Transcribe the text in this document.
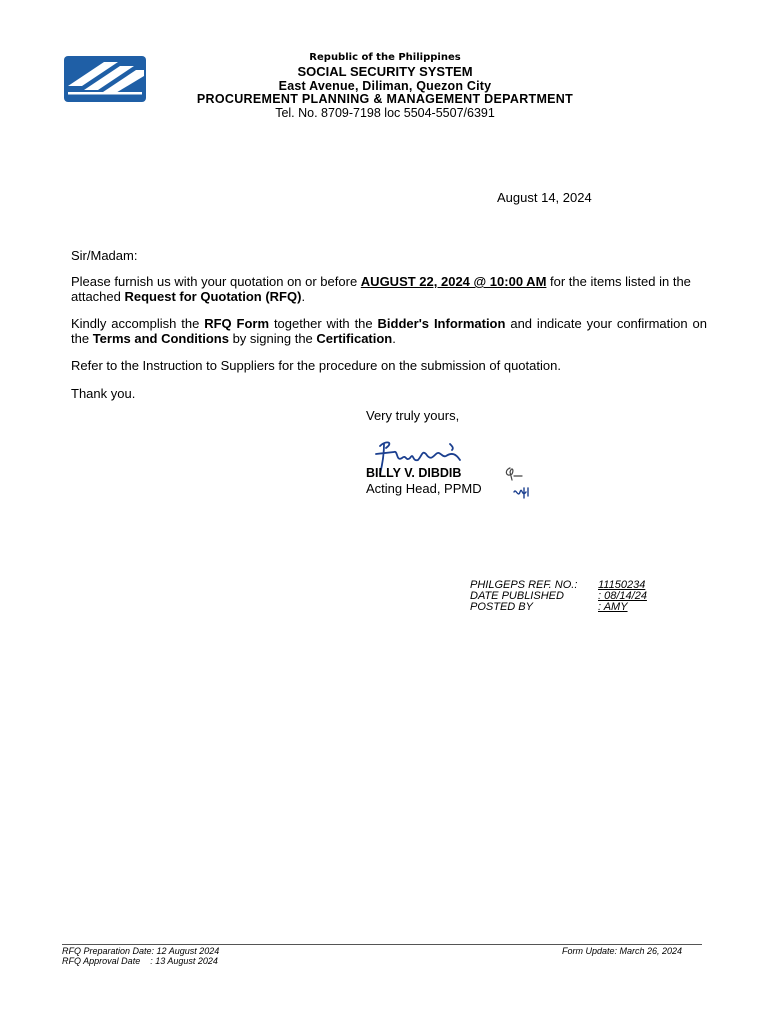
Republic of the Philippines
SOCIAL SECURITY SYSTEM
East Avenue, Diliman, Quezon City
PROCUREMENT PLANNING & MANAGEMENT DEPARTMENT
Tel. No. 8709-7198 loc 5504-5507/6391
August 14, 2024
Sir/Madam:
Please furnish us with your quotation on or before AUGUST 22, 2024 @ 10:00 AM for the items listed in the attached Request for Quotation (RFQ).
Kindly accomplish the RFQ Form together with the Bidder's Information and indicate your confirmation on the Terms and Conditions by signing the Certification.
Refer to the Instruction to Suppliers for the procedure on the submission of quotation.
Thank you.
Very truly yours,
BILLY V. DIBDIB
Acting Head, PPMD
PHILGEPS REF. NO.:	11150234
DATE PUBLISHED	: 08/14/24
POSTED BY	: AMY
RFQ Preparation Date: 12 August 2024
RFQ Approval Date    : 13 August 2024
Form Update: March 26, 2024
